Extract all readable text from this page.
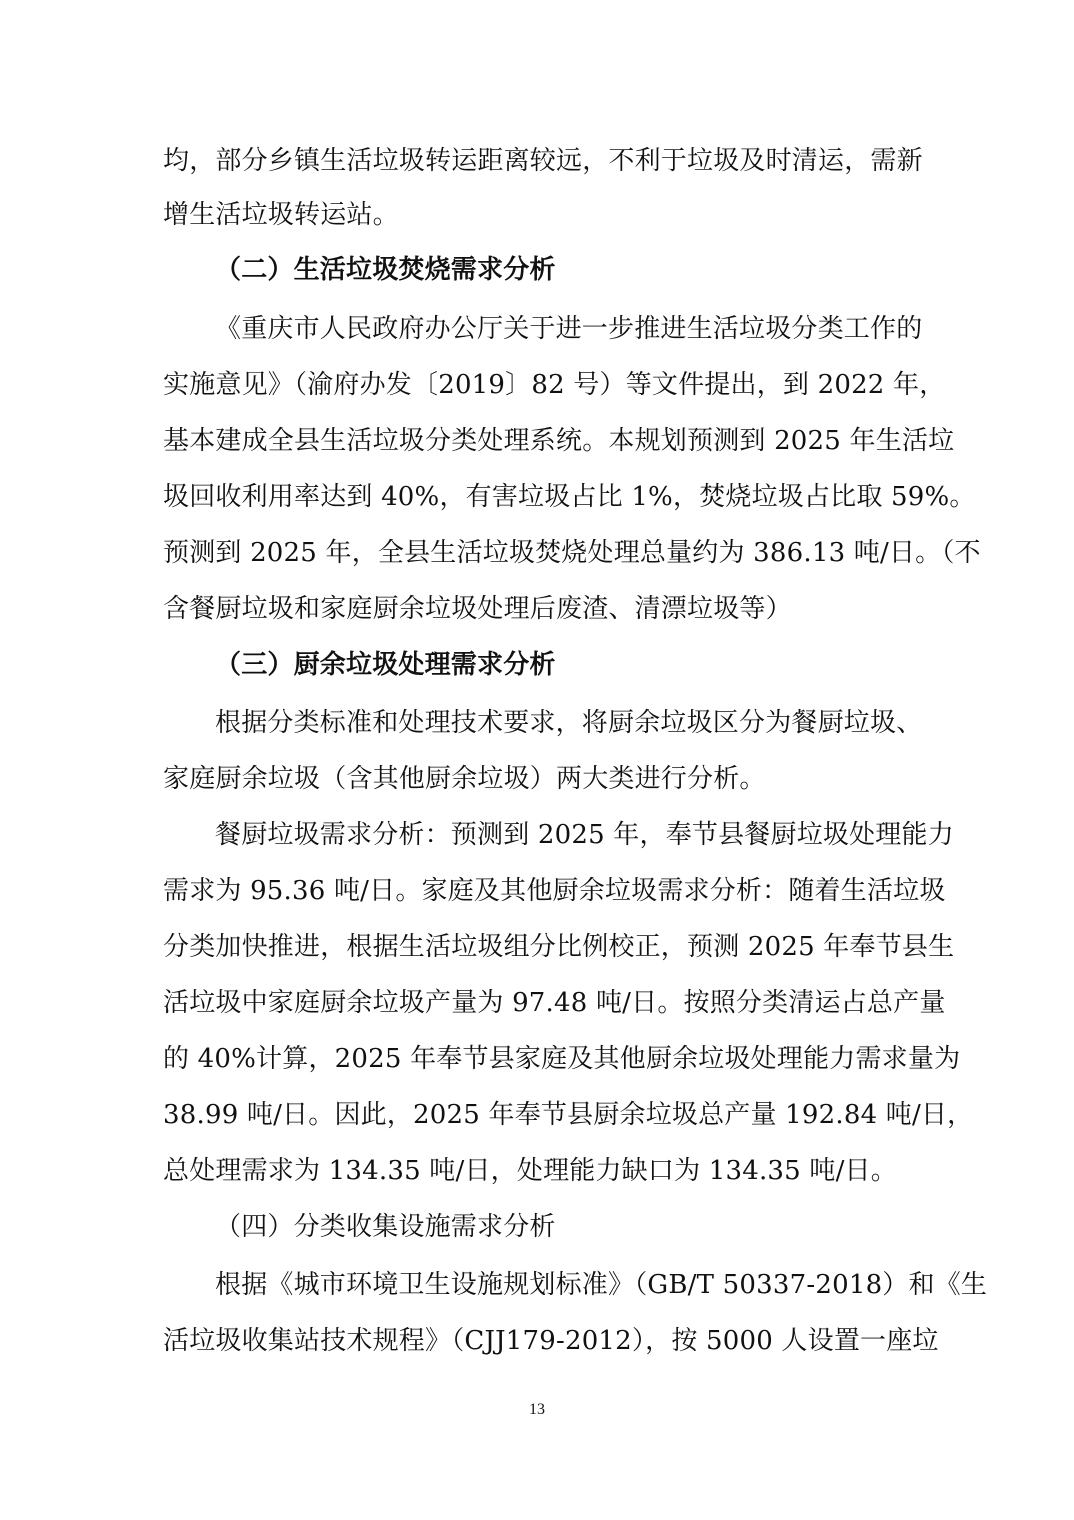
均，部分乡镇生活垃圾转运距离较远，不利于垃圾及时清运，需新
增生活垃圾转运站。
（二）生活垃圾焚烧需求分析
《重庆市人民政府办公厅关于进一步推进生活垃圾分类工作的
实施意见》（渝府办发〔2019〕82 号）等文件提出，到 2022 年，
基本建成全县生活垃圾分类处理系统。本规划预测到 2025 年生活垃
圾回收利用率达到 40%，有害垃圾占比 1%，焚烧垃圾占比取 59%。
预测到 2025 年，全县生活垃圾焚烧处理总量约为 386.13 吨/日。（不
含餐厨垃圾和家庭厨余垃圾处理后废渣、清漂垃圾等）
（三）厨余垃圾处理需求分析
根据分类标准和处理技术要求，将厨余垃圾区分为餐厨垃圾、
家庭厨余垃圾（含其他厨余垃圾）两大类进行分析。
餐厨垃圾需求分析：预测到 2025 年，奉节县餐厨垃圾处理能力
需求为 95.36 吨/日。家庭及其他厨余垃圾需求分析：随着生活垃圾
分类加快推进，根据生活垃圾组分比例校正，预测 2025 年奉节县生
活垃圾中家庭厨余垃圾产量为 97.48 吨/日。按照分类清运占总产量
的 40%计算，2025 年奉节县家庭及其他厨余垃圾处理能力需求量为
38.99 吨/日。因此，2025 年奉节县厨余垃圾总产量 192.84 吨/日，
总处理需求为 134.35 吨/日，处理能力缺口为 134.35 吨/日。
（四）分类收集设施需求分析
根据《城市环境卫生设施规划标准》（GB/T 50337-2018）和《生
活垃圾收集站技术规程》（CJJ179-2012），按 5000 人设置一座垃
13
